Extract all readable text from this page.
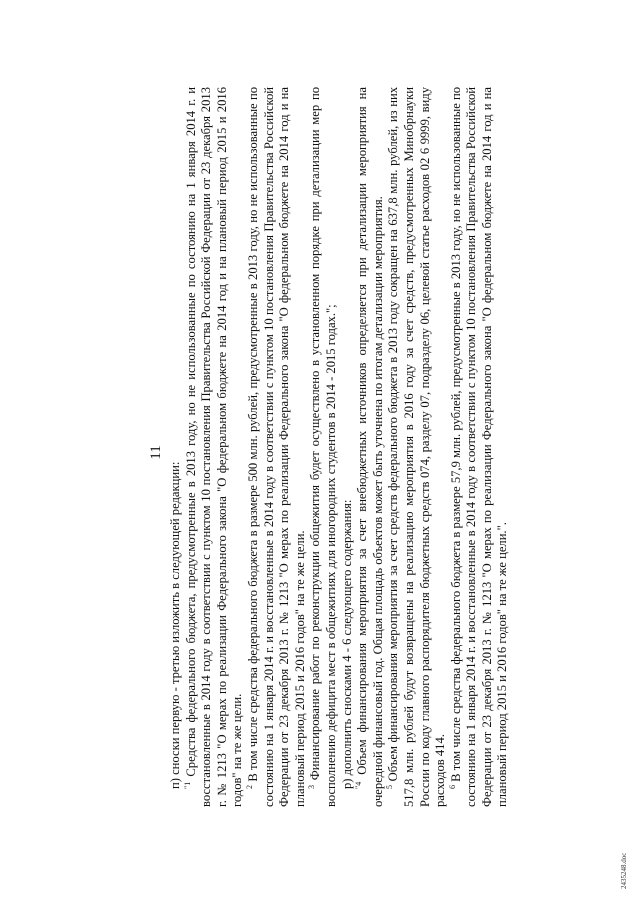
11

п) сноски первую - третью изложить в следующей редакции: $^{"1}$ Средства федерального бюджета, предусмотренные в 2013 году, но не использованные по состоянию на 1 января 2014 г. и восстановленные в 2014 году в соответствии с пунктом 10 постановления Правительства Российской Федерации от 23 декабря 2013 г. № 1213 "О мерах по реализации Федерального закона "О федеральном бюджете на 2014 год и на плановый период 2015 и 2016 годов" на те же цели. $^2$ В том числе средства федерального бюджета в размере 500 млн. рублей, предусмотренные в 2013 году, но не использованные по состоянию на 1 января 2014 г. и восстановленные в 2014 году в соответствии с пунктом 10 постановления Правительства Российской Федерации от 23 декабря 2013 г. № 1213 "О мерах по реализации Федерального закона "О федеральном бюджете на 2014 год и на плановый период 2015 и 2016 годов" на те же цели. $^3$ Финансирование работ по реконструкции общежития будет осуществлено в установленном порядке при детализации мер по восполнению дефицита мест в общежитиях для иногородних студентов в 2014 - 2015 годах."; р) дополнить сносками 4 - 6 следующего содержания: $^{"4}$ Объем финансирования мероприятия за счет внебюджетных источников определяется при детализации мероприятия на очередной финансовый год. Общая площадь объектов может быть уточнена по итогам детализации мероприятия. $^5$ Объем финансирования мероприятия за счет средств федерального бюджета в 2013 году сокращен на 637,8 млн. рублей, из них 517,8 млн. рублей будут возвращены на реализацию мероприятия в 2016 году за счет средств, предусмотренных Минобрнауки России по коду главного распорядителя бюджетных средств 074, разделу 07, подразделу 06, целевой статье расходов 02 6 9999, виду расходов 414. $^6$ В том числе средства федерального бюджета в размере 57,9 млн. рублей, предусмотренные в 2013 году, но не использованные по состоянию на 1 января 2014 г. и восстановленные в 2014 году в соответствии с пунктом 10 постановления Правительства Российской Федерации от 23 декабря 2013 г. № 1213 "О мерах по реализации Федерального закона "О федеральном бюджете на 2014 год и на плановый период 2015 и 2016 годов" на те же цели.".

2435248.doc
